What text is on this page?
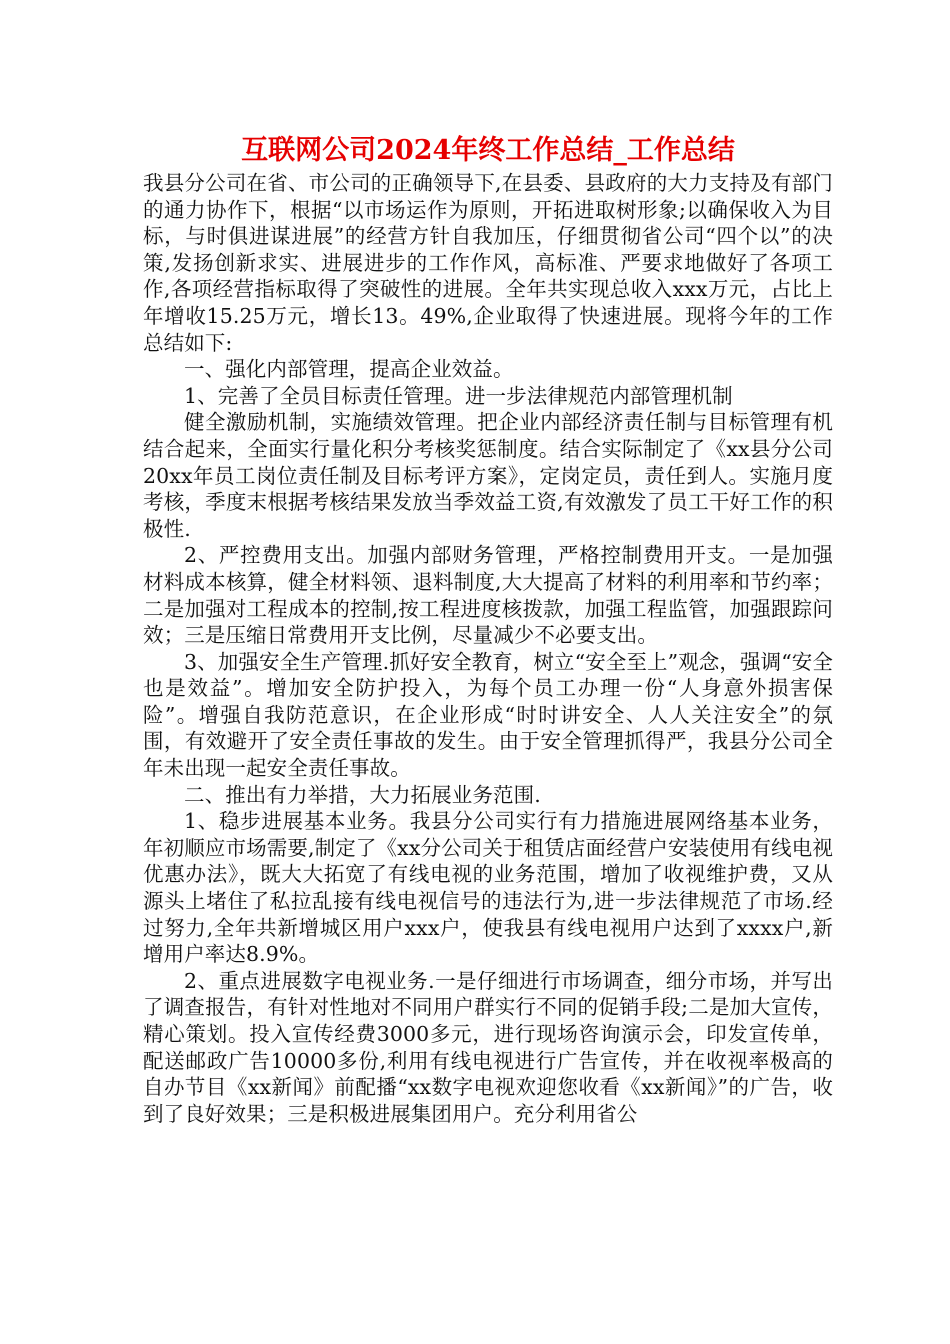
互联网公司2024年终工作总结_工作总结

我县分公司在省、市公司的正确领导下,在县委、县政府的大力支持及有部门的通力协作下，根据“以市场运作为原则，开拓进取树形象;以确保收入为目标，与时俱进谋进展”的经营方针自我加压，仔细贯彻省公司“四个以”的决策,发扬创新求实、进展进步的工作作风，高标准、严要求地做好了各项工作,各项经营指标取得了突破性的进展。全年共实现总收入xxx万元，占比上年增收15.25万元，增长13。49%,企业取得了快速进展。现将今年的工作总结如下:

一、强化内部管理，提高企业效益。

1、完善了全员目标责任管理。进一步法律规范内部管理机制

健全激励机制，实施绩效管理。把企业内部经济责任制与目标管理有机结合起来，全面实行量化积分考核奖惩制度。结合实际制定了《xx县分公司20xx年员工岗位责任制及目标考评方案》，定岗定员，责任到人。实施月度考核，季度末根据考核结果发放当季效益工资,有效激发了员工干好工作的积极性.

2、严控费用支出。加强内部财务管理，严格控制费用开支。一是加强材料成本核算，健全材料领、退料制度,大大提高了材料的利用率和节约率；二是加强对工程成本的控制,按工程进度核拨款，加强工程监管，加强跟踪问效；三是压缩日常费用开支比例，尽量减少不必要支出。

3、加强安全生产管理.抓好安全教育，树立“安全至上”观念，强调“安全也是效益”。增加安全防护投入，为每个员工办理一份“人身意外损害保险”。增强自我防范意识，在企业形成“时时讲安全、人人关注安全”的氛围，有效避开了安全责任事故的发生。由于安全管理抓得严，我县分公司全年未出现一起安全责任事故。

二、推出有力举措，大力拓展业务范围.

1、稳步进展基本业务。我县分公司实行有力措施进展网络基本业务，年初顺应市场需要,制定了《xx分公司关于租赁店面经营户安装使用有线电视优惠办法》，既大大拓宽了有线电视的业务范围，增加了收视维护费，又从源头上堵住了私拉乱接有线电视信号的违法行为,进一步法律规范了市场.经过努力,全年共新增城区用户xxx户，使我县有线电视用户达到了xxxx户,新增用户率达8.9%。

2、重点进展数字电视业务.一是仔细进行市场调查，细分市场，并写出了调查报告，有针对性地对不同用户群实行不同的促销手段;二是加大宣传，精心策划。投入宣传经费3000多元，进行现场咨询演示会，印发宣传单，配送邮政广告10000多份,利用有线电视进行广告宣传，并在收视率极高的自办节目《xx新闻》前配播“xx数字电视欢迎您收看《xx新闻》”的广告，收到了良好效果；三是积极进展集团用户。充分利用省公
